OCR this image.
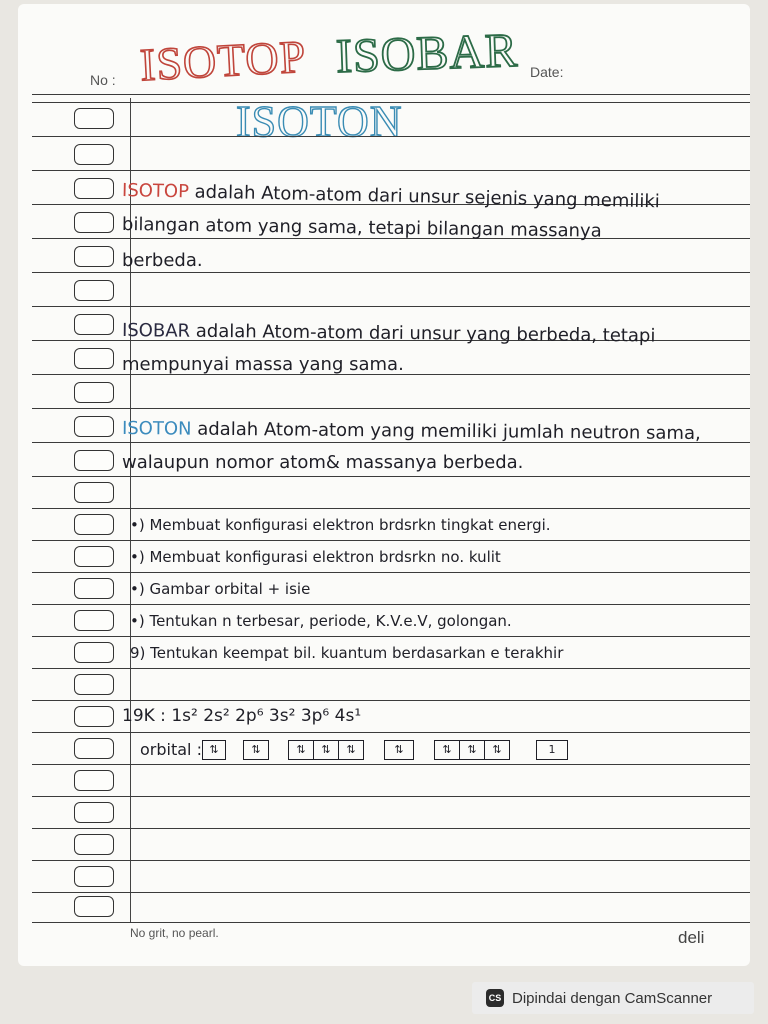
No :	Date:
ISOTOP ISOBAR
ISOTON
ISOTOP adalah Atom-atom dari unsur sejenis yang memiliki
bilangan atom yang sama, tetapi bilangan massanya
berbeda.
ISOBAR adalah Atom-atom dari unsur yang berbeda, tetapi
mempunyai massa yang sama.
ISOTON adalah Atom-atom yang memiliki jumlah neutron sama,
walaupun nomor atom& massanya berbeda.
•) Membuat konfigurasi elektron brdsrkn tingkat energi.
•) Membuat konfigurasi elektron brdsrkn no. kulit
•) Gambar orbital + isie
•) Tentukan n terbesar, periode, K.V.e.V, golongan.
9) Tentukan keempat bil. kuantum berdasarkan e terakhir
19K : 1s² 2s² 2p⁶ 3s² 3p⁶ 4s¹
orbital : ⇅	⇅	⇅	⇅	⇅	⇅	⇅	⇅	⇅	1
No grit, no pearl.	deli
CS Dipindai dengan CamScanner
